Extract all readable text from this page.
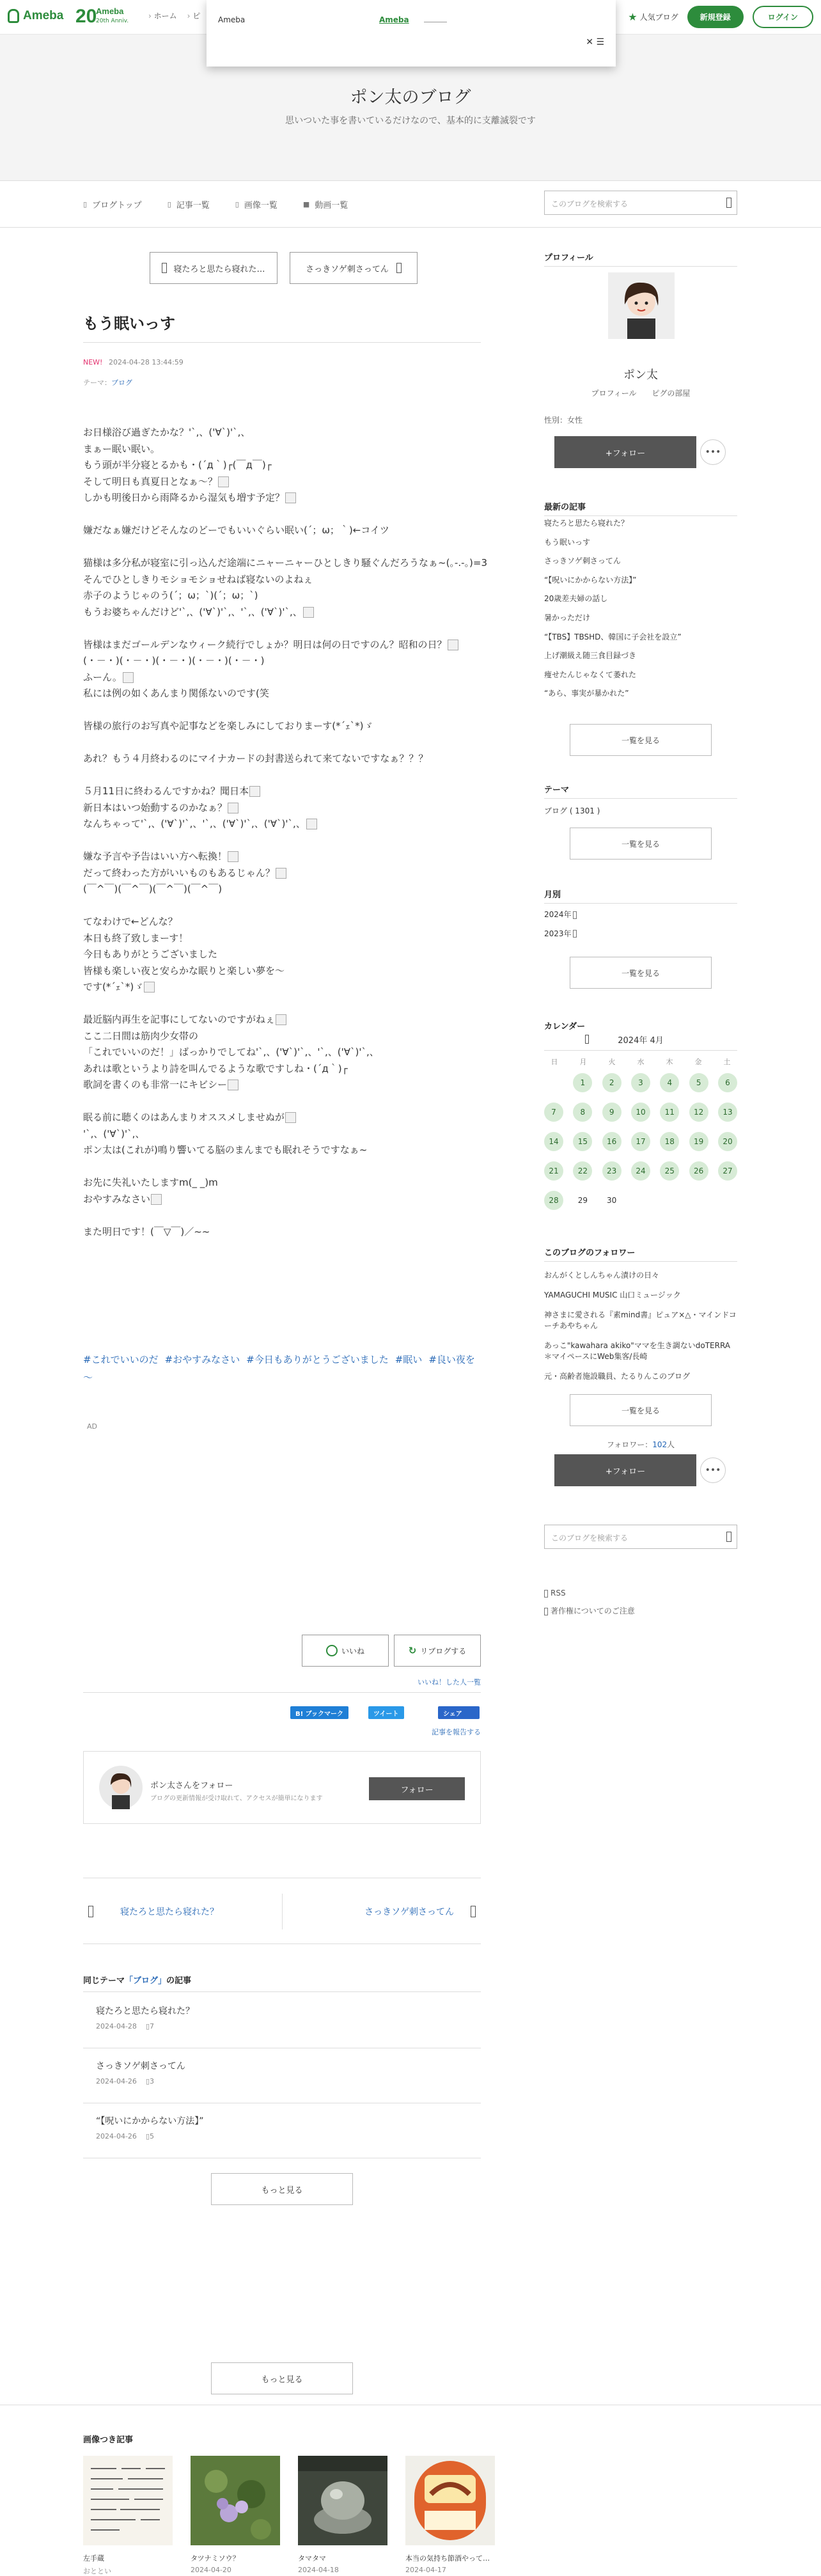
Ameba 20
Ameba
20th Anniv.
› ホーム
›	ピ	★ 人気ブログ	新規登録	ログイン
Ameba	Ameba
✕ ☰
ポン太のブログ
思いついた事を書いているだけなので、基本的に支離滅裂です
▯ ブログトップ	▯ 記事一覧	▯ 画像一覧	■ 動画一覧	このブログを検索する
寝たろと思たら寝れた…	さっきソゲ刺さってん
もう眠いっす
NEW! 2024-04-28 13:44:59
テーマ：ブログ
お日様浴び過ぎたかな？'`,、('∀`)'`,、
まぁー眠い眠い。
もう頭が半分寝とるかも・(´д｀)┌(￣д￣)┌
そして明日も真夏日となぁ～？
しかも明後日から雨降るから湿気も増す予定？
嫌だなぁ嫌だけどそんなのどーでもいいぐらい眠い(´；ω；｀)←コイツ
猫様は多分私が寝室に引っ込んだ途端にニャーニャーひとしきり騒ぐんだろうなぁ~(｡-.-｡)=3
そんでひとしきりモショモショせねば寝ないのよねぇ
赤子のようじゃのう(´；ω；`)(´；ω；`)
もうお婆ちゃんだけど'`,、('∀`)'`,、'`,、('∀`)'`,、
皆様はまだゴールデンなウィーク続行でしょか？明日は何の日ですのん？昭和の日？
(・－・)(・－・)(・－・)(・－・)(・－・)
ふーん。
私には例の如くあんまり関係ないのです(笑
皆様の旅行のお写真や記事などを楽しみにしておりまーす(*´ｪ`*)ゞ
あれ？もう４月終わるのにマイナカードの封書送られて来てないですなぁ？？？
５月11日に終わるんですかね？聞日本
新日本はいつ始動するのかなぁ？
なんちゃって'`,、('∀`)'`,、'`,、('∀`)'`,、('∀`)'`,、
嫌な予言や予告はいい方へ転換！
だって終わった方がいいものもあるじゃん？
(￣^￣)(￣^￣)(￣^￣)(￣^￣)
てなわけで←どんな？
本日も終了致しまーす！
今日もありがとうございました
皆様も楽しい夜と安らかな眠りと楽しい夢を～
です(*´ｪ`*)ゞ
最近脳内再生を記事にしてないのですがねぇ
ここ二日間は筋肉少女帯の
「これでいいのだ！」ばっかりでしてね'`,、('∀`)'`,、'`,、('∀`)'`,、
あれは歌というより詩を叫んでるような歌ですしね・(´д｀)┌
歌詞を書くのも非常一にキビシー
眠る前に聴くのはあんまりオススメしませぬが
'`,、('∀`)'`,、
ポン太は(これが)鳴り響いてる脳のまんまでも眠れそうですなぁ~
お先に失礼いたしますm(_ _)m
おやすみなさい
また明日です！(￣▽￣)／~~
#これでいいのだ #おやすみなさい #今日もありがとうございました #眠い #良い夜を～
AD
いいね	↻ リブログする
いいね！した人一覧
B! ブックマーク	ツイート	シェア
記事を報告する
ポン太さんをフォロー
ブログの更新情報が受け取れて、アクセスが簡単になります
フォロー
寝たろと思たら寝れた？	さっきソゲ刺さってん
同じテーマ「ブログ」の記事
寝たろと思たら寝れた？
2024-04-28 ▯7
さっきソゲ刺さってん
2024-04-26 ▯3
“【呪いにかからない方法】”
2024-04-26 ▯5
もっと見る
画像つき記事
左手蔵
おととい
タツナミソウ？
2024-04-20
タマタマ
2024-04-18
本当の気持ち節酒やって…
2024-04-17
もっと見る
プロフィール
ポン太
プロフィール ピグの部屋
性別：女性
+フォロー	•••
最新の記事
寝たろと思たら寝れた？
もう眠いっす
さっきソゲ刺さってん
“【呪いにかからない方法】”
20歳差夫婦の話し
暑かっただけ
“【TBS】TBSHD、韓国に子会社を設立”
上げ潮級え随三食目録づき
痩せたんじゃなくて萎れた
“あら、事実が暴かれた”
一覧を見る
テーマ
ブログ ( 1301 )
一覧を見る
月別
2024年
2023年
一覧を見る
カレンダー
2024年 4月
日	月	火	水	木	金	土
1	2	3	4	5	6
7	8	9	10	11	12	13
14	15	16	17	18	19	20
21	22	23	24	25	26	27
28	29	30
このブログのフォロワー
おんがくとしんちゃん漬けの日々
YAMAGUCHI MUSIC 山口ミュージック
神さまに愛される『素mind書』ピュア×△・マインドコーチあやちゃん
あっこ"kawahara akiko"ママを生き調ないdoTERRA＊マイペースにWeb集客/長崎
元・高齢者施設職員、たるりんこのブログ
一覧を見る
フォロワー：102人
+フォロー	•••
このブログを検索する
RSS
著作権についてのご注意
